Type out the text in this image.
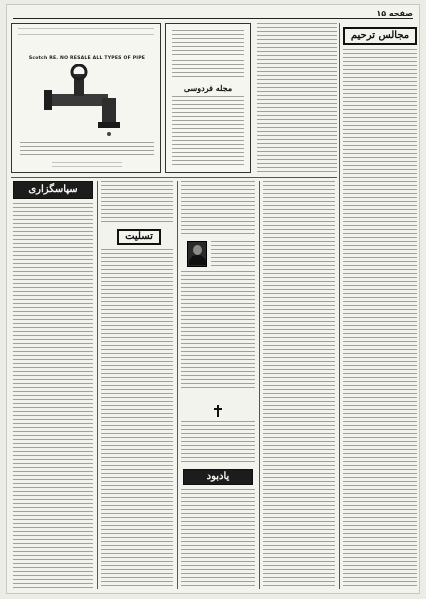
صفحه ۱۵
Scotch RE. NO RESALE ALL TYPES OF PIPE
مجله فردوسی
مجالس ترحیم
سپاسگزاری
تسلیت
یادبود
